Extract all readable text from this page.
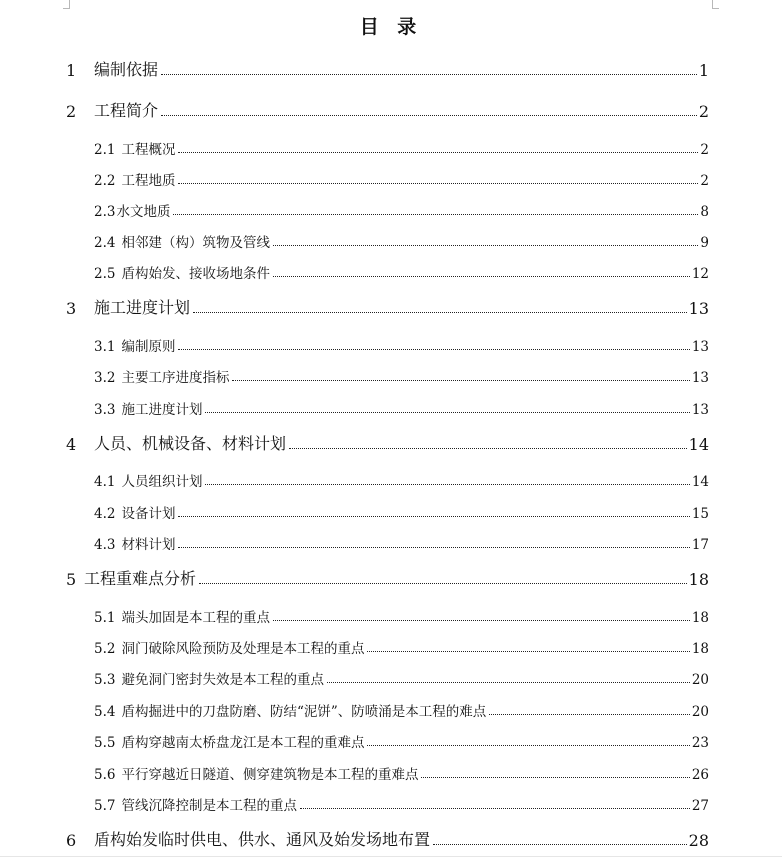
目 录
1	编制依据	1
2	工程简介	2
2.1 工程概况	2
2.2 工程地质	2
2.3 水文地质	8
2.4 相邻建（构）筑物及管线	9
2.5 盾构始发、接收场地条件	12
3	施工进度计划	13
3.1 编制原则	13
3.2 主要工序进度指标	13
3.3 施工进度计划	13
4	人员、机械设备、材料计划	14
4.1 人员组织计划	14
4.2 设备计划	15
4.3 材料计划	17
5 工程重难点分析	18
5.1 端头加固是本工程的重点	18
5.2 洞门破除风险预防及处理是本工程的重点	18
5.3 避免洞门密封失效是本工程的重点	20
5.4 盾构掘进中的刀盘防磨、防结“泥饼”、防喷涌是本工程的难点	20
5.5 盾构穿越南太桥盘龙江是本工程的重难点	23
5.6 平行穿越近日隧道、侧穿建筑物是本工程的重难点	26
5.7 管线沉降控制是本工程的重点	27
6	盾构始发临时供电、供水、通风及始发场地布置	28
